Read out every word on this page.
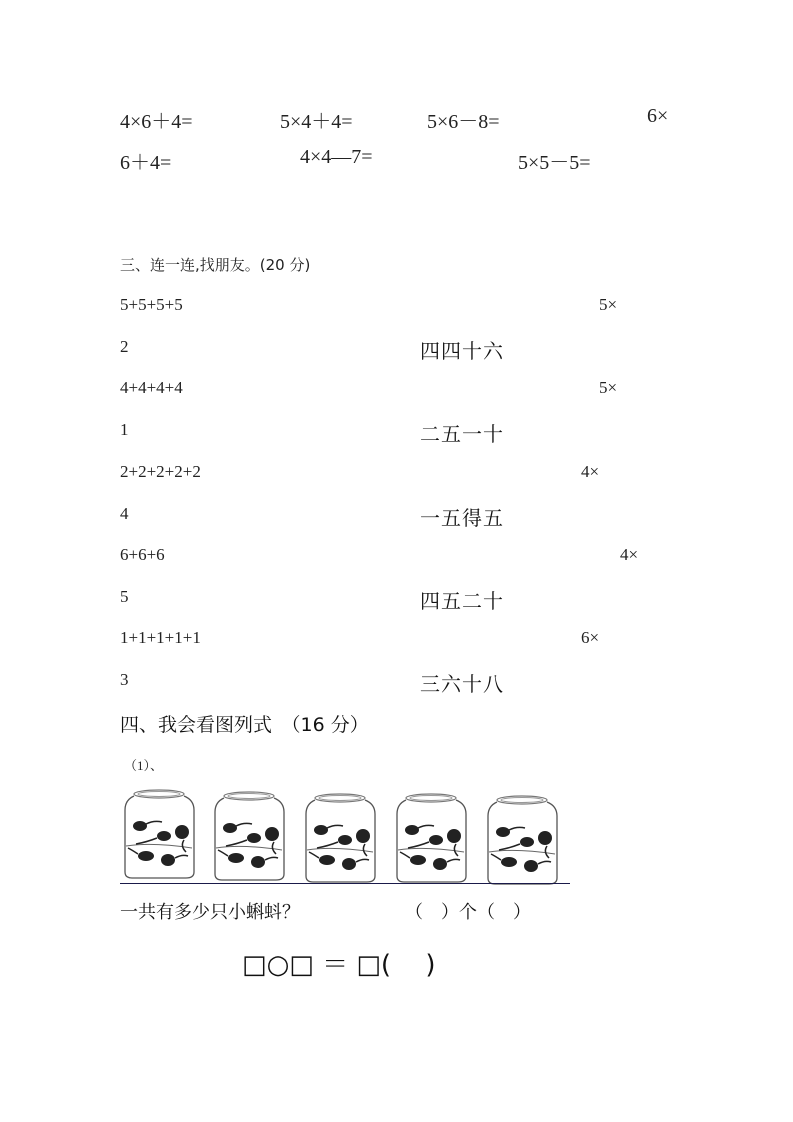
4×6＋4=	5×4＋4=	5×6－8=	6×
6＋4=	4×4—7=	5×5－5=
三、连一连,找朋友。(20 分)
5+5+5+5	5×
2	四四十六
4+4+4+4	5×
1	二五一十
2+2+2+2+2	4×
4	一五得五
6+6+6	4×
5	四五二十
1+1+1+1+1	6×
3	三六十八
四、我会看图列式　（16 分）
（1）、
一共有多少只小蝌蚪？	（　）个（　）
□○□ ＝ □(　 )
